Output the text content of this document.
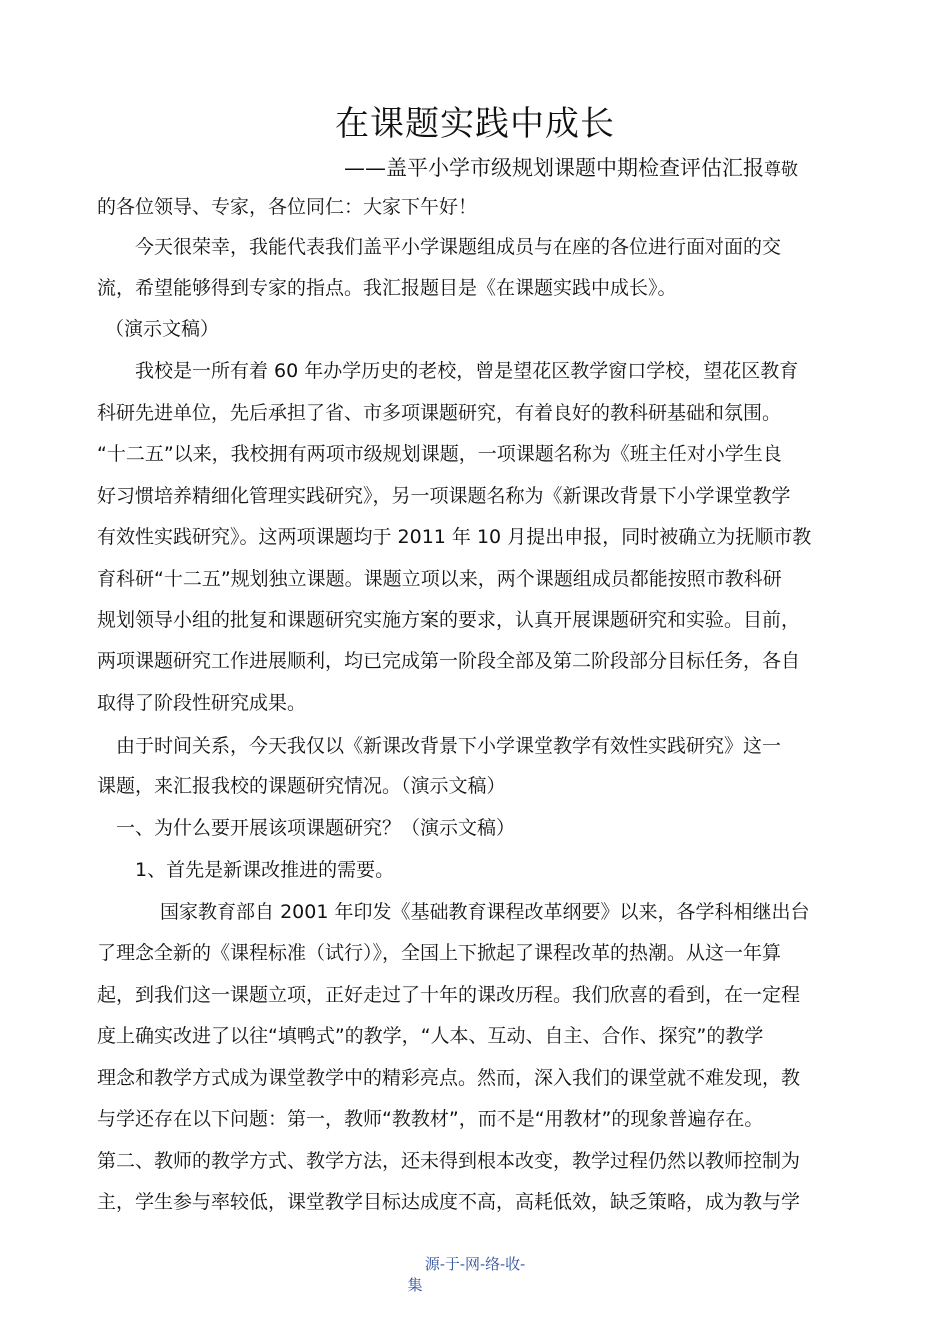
在课题实践中成长
——盖平小学市级规划课题中期检查评估汇报尊敬
的各位领导、专家，各位同仁：大家下午好！
　　今天很荣幸，我能代表我们盖平小学课题组成员与在座的各位进行面对面的交
流，希望能够得到专家的指点。我汇报题目是《在课题实践中成长》。
（演示文稿）
　　我校是一所有着 60 年办学历史的老校，曾是望花区教学窗口学校，望花区教育
科研先进单位，先后承担了省、市多项课题研究，有着良好的教科研基础和氛围。
“十二五”以来，我校拥有两项市级规划课题，一项课题名称为《班主任对小学生良
好习惯培养精细化管理实践研究》，另一项课题名称为《新课改背景下小学课堂教学
有效性实践研究》。这两项课题均于 2011 年 10 月提出申报，同时被确立为抚顺市教
育科研“十二五”规划独立课题。课题立项以来，两个课题组成员都能按照市教科研
规划领导小组的批复和课题研究实施方案的要求，认真开展课题研究和实验。目前，
两项课题研究工作进展顺利，均已完成第一阶段全部及第二阶段部分目标任务，各自
取得了阶段性研究成果。
　由于时间关系，今天我仅以《新课改背景下小学课堂教学有效性实践研究》这一
课题，来汇报我校的课题研究情况。（演示文稿）
　一、为什么要开展该项课题研究？（演示文稿）
　　1、首先是新课改推进的需要。
　　　 国家教育部自 2001 年印发《基础教育课程改革纲要》以来，各学科相继出台
了理念全新的《课程标准（试行）》，全国上下掀起了课程改革的热潮。从这一年算
起，到我们这一课题立项，正好走过了十年的课改历程。我们欣喜的看到，在一定程
度上确实改进了以往“填鸭式”的教学，“人本、互动、自主、合作、探究”的教学
理念和教学方式成为课堂教学中的精彩亮点。然而，深入我们的课堂就不难发现，教
与学还存在以下问题：第一，教师“教教材”，而不是“用教材”的现象普遍存在。
第二、教师的教学方式、教学方法，还未得到根本改变，教学过程仍然以教师控制为
主，学生参与率较低，课堂教学目标达成度不高，高耗低效，缺乏策略，成为教与学
源-于-网-络-收-
集
